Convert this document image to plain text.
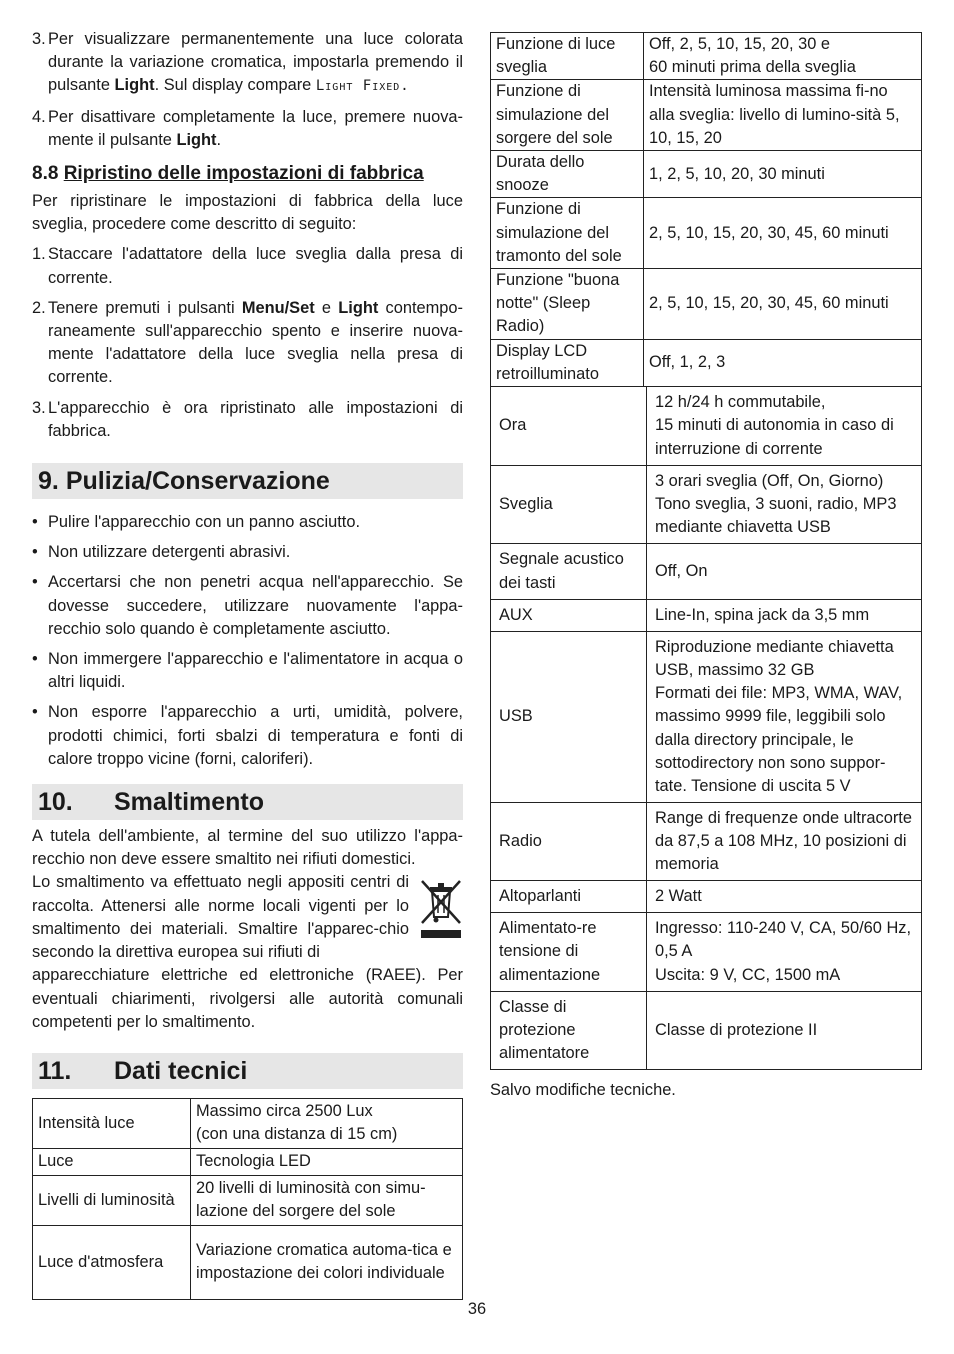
3. Per visualizzare permanentemente una luce colorata durante la variazione cromatica, impostarla premendo il pulsante Light. Sul display compare Light Fixed.
4. Per disattivare completamente la luce, premere nuova-mente il pulsante Light.
8.8 Ripristino delle impostazioni di fabbrica

Per ripristinare le impostazioni di fabbrica della luce sveglia, procedere come descritto di seguito:

1. Staccare l'adattatore della luce sveglia dalla presa di corrente.
2. Tenere premuti i pulsanti Menu/Set e Light contempo-raneamente sull'apparecchio spento e inserire nuova-mente l'adattatore della luce sveglia nella presa di corrente.
3. L'apparecchio è ora ripristinato alle impostazioni di fabbrica.
9. Pulizia/Conservazione
• Pulire l'apparecchio con un panno asciutto.
• Non utilizzare detergenti abrasivi.
• Accertarsi che non penetri acqua nell'apparecchio. Se dovesse succedere, utilizzare nuovamente l'appa-recchio solo quando è completamente asciutto.
• Non immergere l'apparecchio e l'alimentatore in acqua o altri liquidi.
• Non esporre l'apparecchio a urti, umidità, polvere, prodotti chimici, forti sbalzi di temperatura e fonti di calore troppo vicine (forni, caloriferi).
10. Smaltimento

A tutela dell'ambiente, al termine del suo utilizzo l'appa-recchio non deve essere smaltito nei rifiuti domestici.

Lo smaltimento va effettuato negli appositi centri di raccolta. Attenersi alle norme locali vigenti per lo smaltimento dei materiali. Smaltire l'apparec-chio secondo la direttiva europea sui rifiuti di

apparecchiature elettriche ed elettroniche (RAEE). Per eventuali chiarimenti, rivolgersi alle autorità comunali competenti per lo smaltimento.

11. Dati tecnici
Intensità luce	Massimo circa 2500 Lux
(con una distanza di 15 cm)

Luce	Tecnologia LED
Livelli di luminosità	20 livelli di luminosità con simu-lazione del sorgere del sole
Luce d'atmosfera	Variazione cromatica automa-tica e impostazione dei colori individuale
Funzione di luce sveglia	Off, 2, 5, 10, 15, 20, 30 e
60 minuti prima della sveglia

Funzione di simulazione del sorgere del sole	Intensità luminosa massima fi-no alla sveglia: livello di lumino-sità 5, 10, 15, 20
Durata dello snooze	1, 2, 5, 10, 20, 30 minuti
Funzione di simulazione del tramonto del sole	2, 5, 10, 15, 20, 30, 45, 60 minuti
Funzione "buona notte" (Sleep Radio)	2, 5, 10, 15, 20, 30, 45, 60 minuti
Display LCD retroilluminato	Off, 1, 2, 3
Ora	12 h/24 h commutabile,
15 minuti di autonomia in caso di interruzione di corrente

Sveglia	3 orari sveglia (Off, On, Giorno)
Tono sveglia, 3 suoni, radio, MP3 mediante chiavetta USB

Segnale acustico dei tasti	Off, On
AUX	Line-In, spina jack da 3,5 mm
USB	Riproduzione mediante chiavetta USB, massimo 32 GB
Formati dei file: MP3, WMA, WAV, massimo 9999 file, leggibili solo dalla directory principale, le sottodirectory non sono suppor-tate. Tensione di uscita 5 V

Radio	Range di frequenze onde ultracorte da 87,5 a 108 MHz, 10 posizioni di memoria
Altoparlanti	2 Watt
Alimentato-re tensione di alimentazione	Ingresso: 110-240 V, CA, 50/60 Hz, 0,5 A
Uscita: 9 V, CC, 1500 mA

Classe di protezione alimentatore	Classe di protezione II

Salvo modifiche tecniche.

36
